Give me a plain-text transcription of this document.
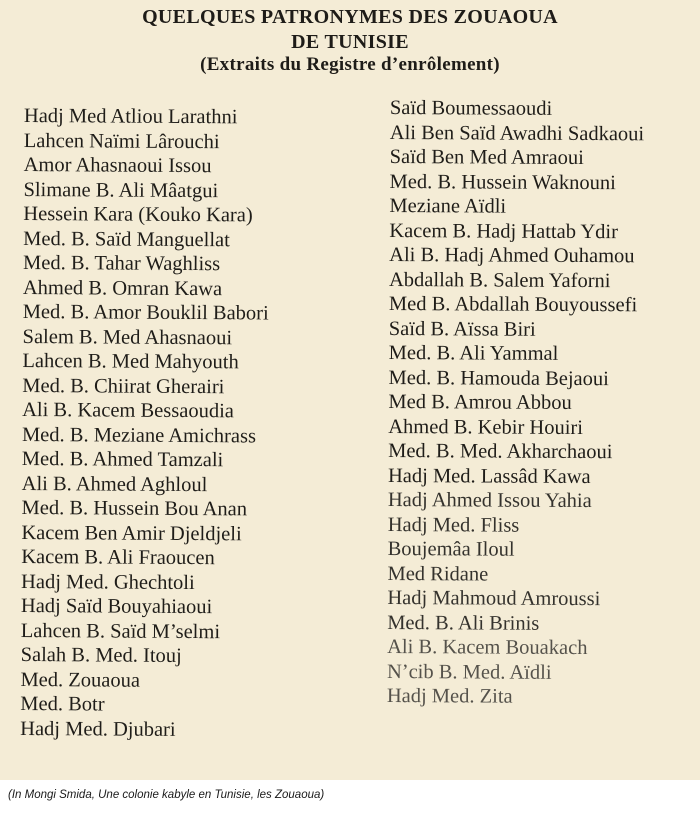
QUELQUES PATRONYMES DES ZOUAOUA
DE TUNISIE
(Extraits du Registre d’enrôlement)
Hadj Med Atliou Larathni
Lahcen Naïmi Lârouchi
Amor Ahasnaoui Issou
Slimane B. Ali Mâatgui
Hessein Kara (Kouko Kara)
Med. B. Saïd Manguellat
Med. B. Tahar Waghliss
Ahmed B. Omran Kawa
Med. B. Amor Bouklil Babori
Salem B. Med Ahasnaoui
Lahcen B. Med Mahyouth
Med. B. Chiirat Gherairi
Ali B. Kacem Bessaoudia
Med. B. Meziane Amichrass
Med. B. Ahmed Tamzali
Ali B. Ahmed Aghloul
Med. B. Hussein Bou Anan
Kacem Ben Amir Djeldjeli
Kacem B. Ali Fraoucen
Hadj Med. Ghechtoli
Hadj Saïd Bouyahiaoui
Lahcen B. Saïd M’selmi
Salah B. Med. Itouj
Med. Zouaoua
Med. Botr
Hadj Med. Djubari
Saïd Boumessaoudi
Ali Ben Saïd Awadhi Sadkaoui
Saïd Ben Med Amraoui
Med. B. Hussein Waknouni
Meziane Aïdli
Kacem B. Hadj Hattab Ydir
Ali B. Hadj Ahmed Ouhamou
Abdallah B. Salem Yaforni
Med B. Abdallah Bouyoussefi
Saïd B. Aïssa Biri
Med. B. Ali Yammal
Med. B. Hamouda Bejaoui
Med B. Amrou Abbou
Ahmed B. Kebir Houiri
Med. B. Med. Akharchaoui
Hadj Med. Lassâd Kawa
Hadj Ahmed Issou Yahia
Hadj Med. Fliss
Boujemâa Iloul
Med Ridane
Hadj Mahmoud Amroussi
Med. B. Ali Brinis
Ali B. Kacem Bouakach
N’cib B. Med. Aïdli
Hadj Med. Zita

(In Mongi Smida, Une colonie kabyle en Tunisie, les Zouaoua)
